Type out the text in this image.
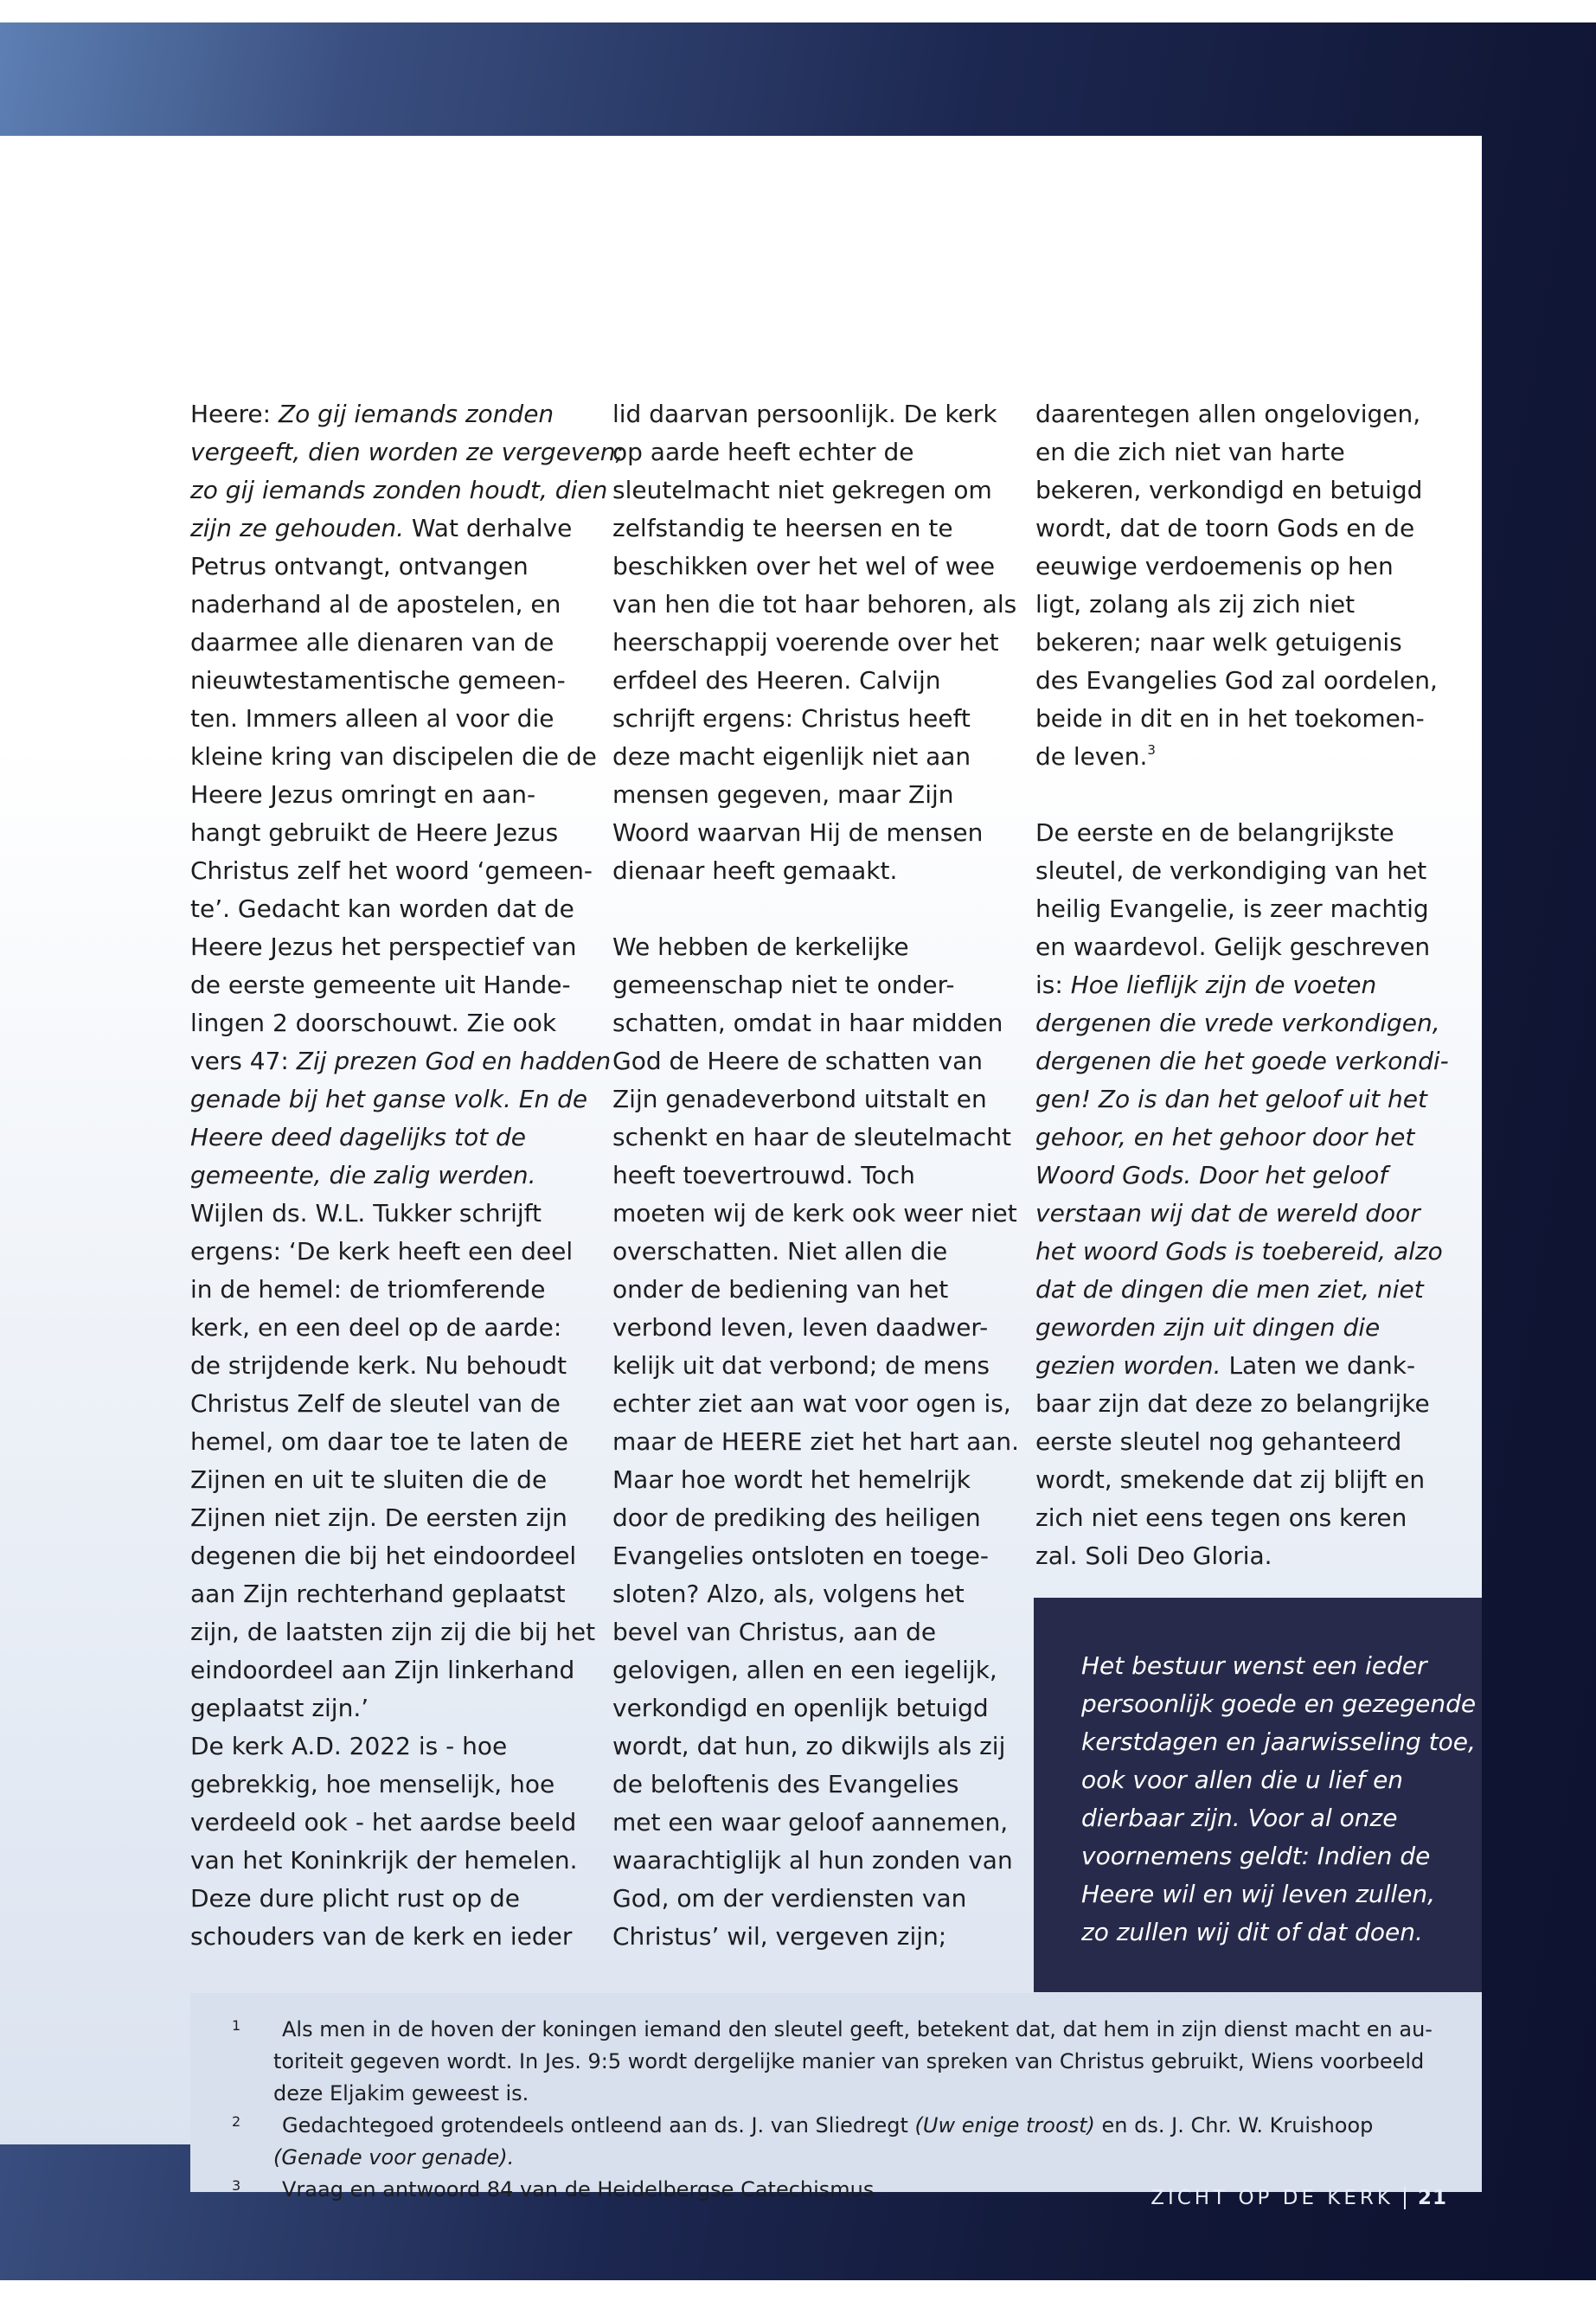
Heere: Zo gij iemands zonden
vergeeft, dien worden ze vergeven;
zo gij iemands zonden houdt, dien
zijn ze gehouden. Wat derhalve
Petrus ontvangt, ontvangen
naderhand al de apostelen, en
daarmee alle dienaren van de
nieuwtestamentische gemeen-
ten. Immers alleen al voor die
kleine kring van discipelen die de
Heere Jezus omringt en aan-
hangt gebruikt de Heere Jezus
Christus zelf het woord ‘gemeen-
te’. Gedacht kan worden dat de
Heere Jezus het perspectief van
de eerste gemeente uit Hande-
lingen 2 doorschouwt. Zie ook
vers 47: Zij prezen God en hadden
genade bij het ganse volk. En de
Heere deed dagelijks tot de
gemeente, die zalig werden.
Wijlen ds. W.L. Tukker schrijft
ergens: ‘De kerk heeft een deel
in de hemel: de triomferende
kerk, en een deel op de aarde:
de strijdende kerk. Nu behoudt
Christus Zelf de sleutel van de
hemel, om daar toe te laten de
Zijnen en uit te sluiten die de
Zijnen niet zijn. De eersten zijn
degenen die bij het eindoordeel
aan Zijn rechterhand geplaatst
zijn, de laatsten zijn zij die bij het
eindoordeel aan Zijn linkerhand
geplaatst zijn.’
De kerk A.D. 2022 is - hoe
gebrekkig, hoe menselijk, hoe
verdeeld ook - het aardse beeld
van het Koninkrijk der hemelen.
Deze dure plicht rust op de
schouders van de kerk en ieder
lid daarvan persoonlijk. De kerk
op aarde heeft echter de
sleutelmacht niet gekregen om
zelfstandig te heersen en te
beschikken over het wel of wee
van hen die tot haar behoren, als
heerschappij voerende over het
erfdeel des Heeren. Calvijn
schrijft ergens: Christus heeft
deze macht eigenlijk niet aan
mensen gegeven, maar Zijn
Woord waarvan Hij de mensen
dienaar heeft gemaakt.
We hebben de kerkelijke
gemeenschap niet te onder-
schatten, omdat in haar midden
God de Heere de schatten van
Zijn genadeverbond uitstalt en
schenkt en haar de sleutelmacht
heeft toevertrouwd. Toch
moeten wij de kerk ook weer niet
overschatten. Niet allen die
onder de bediening van het
verbond leven, leven daadwer-
kelijk uit dat verbond; de mens
echter ziet aan wat voor ogen is,
maar de HEERE ziet het hart aan.
Maar hoe wordt het hemelrijk
door de prediking des heiligen
Evangelies ontsloten en toege-
sloten? Alzo, als, volgens het
bevel van Christus, aan de
gelovigen, allen en een iegelijk,
verkondigd en openlijk betuigd
wordt, dat hun, zo dikwijls als zij
de beloftenis des Evangelies
met een waar geloof aannemen,
waarachtiglijk al hun zonden van
God, om der verdiensten van
Christus’ wil, vergeven zijn;
daarentegen allen ongelovigen,
en die zich niet van harte
bekeren, verkondigd en betuigd
wordt, dat de toorn Gods en de
eeuwige verdoemenis op hen
ligt, zolang als zij zich niet
bekeren; naar welk getuigenis
des Evangelies God zal oordelen,
beide in dit en in het toekomen-
de leven.$^3$
De eerste en de belangrijkste
sleutel, de verkondiging van het
heilig Evangelie, is zeer machtig
en waardevol. Gelijk geschreven
is: Hoe lieflijk zijn de voeten
dergenen die vrede verkondigen,
dergenen die het goede verkondi-
gen! Zo is dan het geloof uit het
gehoor, en het gehoor door het
Woord Gods. Door het geloof
verstaan wij dat de wereld door
het woord Gods is toebereid, alzo
dat de dingen die men ziet, niet
geworden zijn uit dingen die
gezien worden. Laten we dank-
baar zijn dat deze zo belangrijke
eerste sleutel nog gehanteerd
wordt, smekende dat zij blijft en
zich niet eens tegen ons keren
zal. Soli Deo Gloria.
Het bestuur wenst een ieder
persoonlijk goede en gezegende
kerstdagen en jaarwisseling toe,
ook voor allen die u lief en
dierbaar zijn. Voor al onze
voornemens geldt: Indien de
Heere wil en wij leven zullen,
zo zullen wij dit of dat doen.
1	Als men in de hoven der koningen iemand den sleutel geeft, betekent dat, dat hem in zijn dienst macht en au-
toriteit gegeven wordt. In Jes. 9:5 wordt dergelijke manier van spreken van Christus gebruikt, Wiens voorbeeld
deze Eljakim geweest is.
2	Gedachtegoed grotendeels ontleend aan ds. J. van Sliedregt (Uw enige troost) en ds. J. Chr. W. Kruishoop
(Genade voor genade).
3	Vraag en antwoord 84 van de Heidelbergse Catechismus	ZICHT OP DE KERK 21
